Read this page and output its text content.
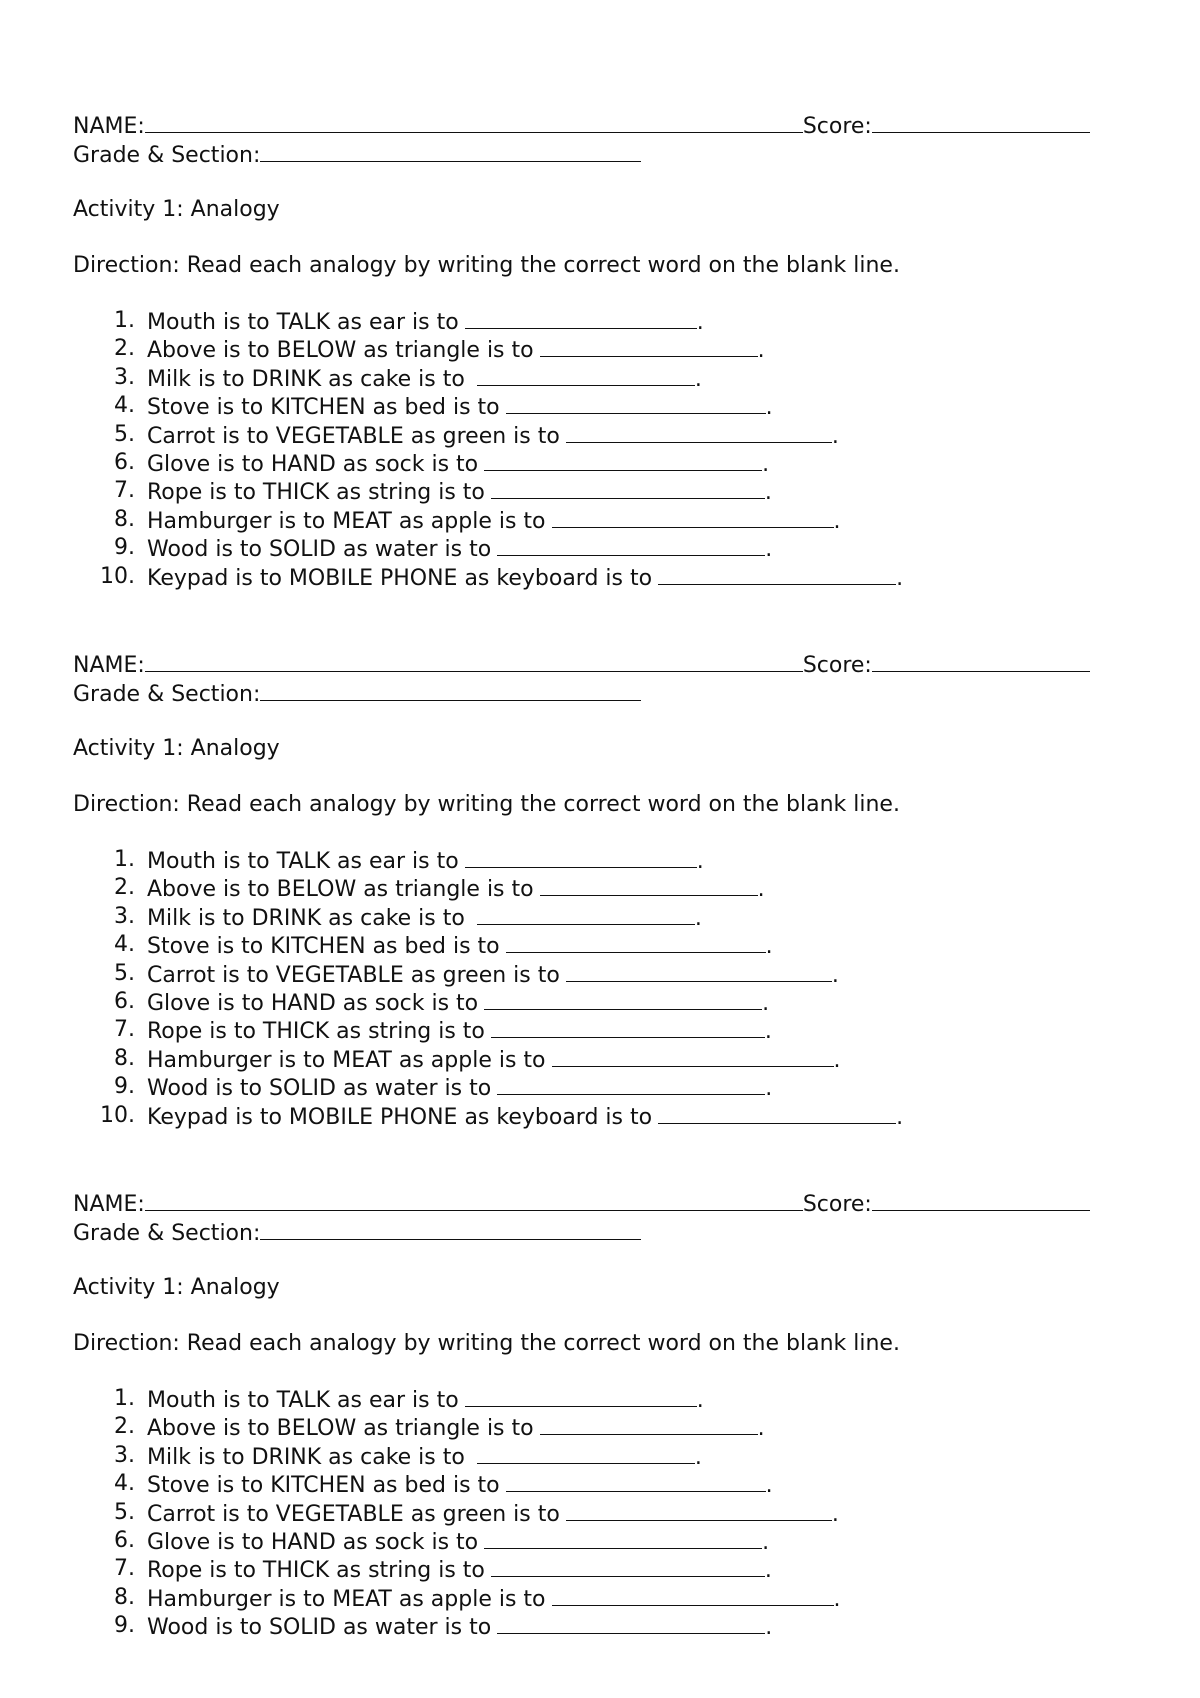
NAME:	Score:
Grade & Section:
Activity 1: Analogy
Direction: Read each analogy by writing the correct word on the blank line.
1. Mouth is to TALK as ear is to	.
2. Above is to BELOW as triangle is to	.
3. Milk is to DRINK as cake is to	.
4. Stove is to KITCHEN as bed is to	.
5. Carrot is to VEGETABLE as green is to	.
6. Glove is to HAND as sock is to	.
7. Rope is to THICK as string is to	.
8. Hamburger is to MEAT as apple is to	.
9. Wood is to SOLID as water is to	.
10. Keypad is to MOBILE PHONE as keyboard is to	.
NAME:	Score:
Grade & Section:
Activity 1: Analogy
Direction: Read each analogy by writing the correct word on the blank line.
1. Mouth is to TALK as ear is to	.
2. Above is to BELOW as triangle is to	.
3. Milk is to DRINK as cake is to	.
4. Stove is to KITCHEN as bed is to	.
5. Carrot is to VEGETABLE as green is to	.
6. Glove is to HAND as sock is to	.
7. Rope is to THICK as string is to	.
8. Hamburger is to MEAT as apple is to	.
9. Wood is to SOLID as water is to	.
10. Keypad is to MOBILE PHONE as keyboard is to	.
NAME:	Score:
Grade & Section:
Activity 1: Analogy
Direction: Read each analogy by writing the correct word on the blank line.
1. Mouth is to TALK as ear is to	.
2. Above is to BELOW as triangle is to	.
3. Milk is to DRINK as cake is to	.
4. Stove is to KITCHEN as bed is to	.
5. Carrot is to VEGETABLE as green is to	.
6. Glove is to HAND as sock is to	.
7. Rope is to THICK as string is to	.
8. Hamburger is to MEAT as apple is to	.
9. Wood is to SOLID as water is to	.
